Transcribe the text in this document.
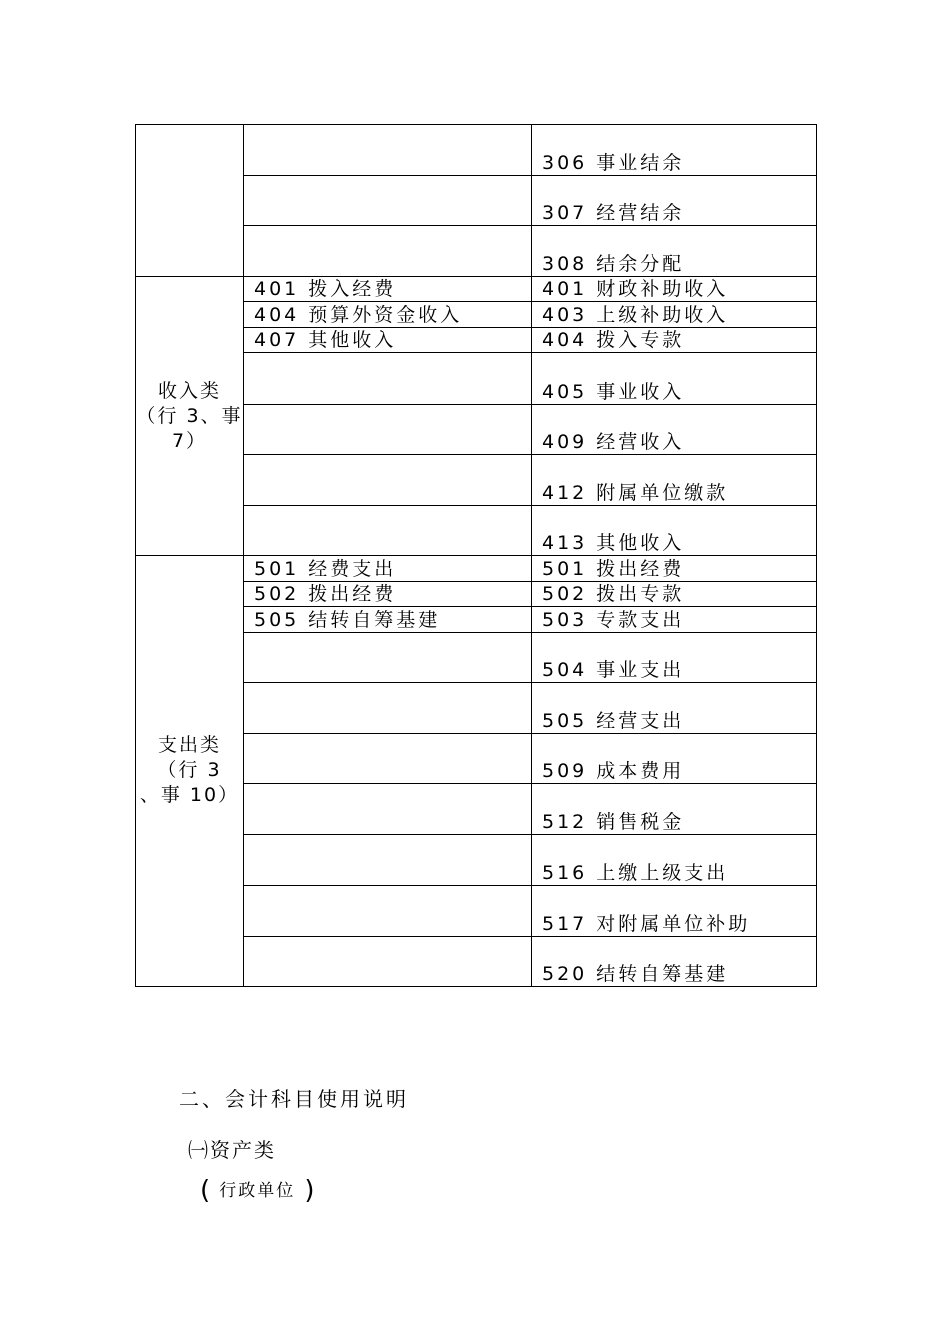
		306 事业结余
		307 经营结余
		308 结余分配

收入类
（行 3、事
7）	401 拨入经费	401 财政补助收入
	404 预算外资金收入	403 上级补助收入
	407 其他收入	404 拨入专款
		405 事业收入
		409 经营收入
		412 附属单位缴款
		413 其他收入

支出类
（行 3
、事 10）	501 经费支出	501 拨出经费
	502 拨出经费	502 拨出专款
	505 结转自筹基建	503 专款支出
		504 事业支出
		505 经营支出
		509 成本费用
		512 销售税金
		516 上缴上级支出
		517 对附属单位补助
		520 结转自筹基建
二、会计科目使用说明
㈠资产类
( 行政单位 )
